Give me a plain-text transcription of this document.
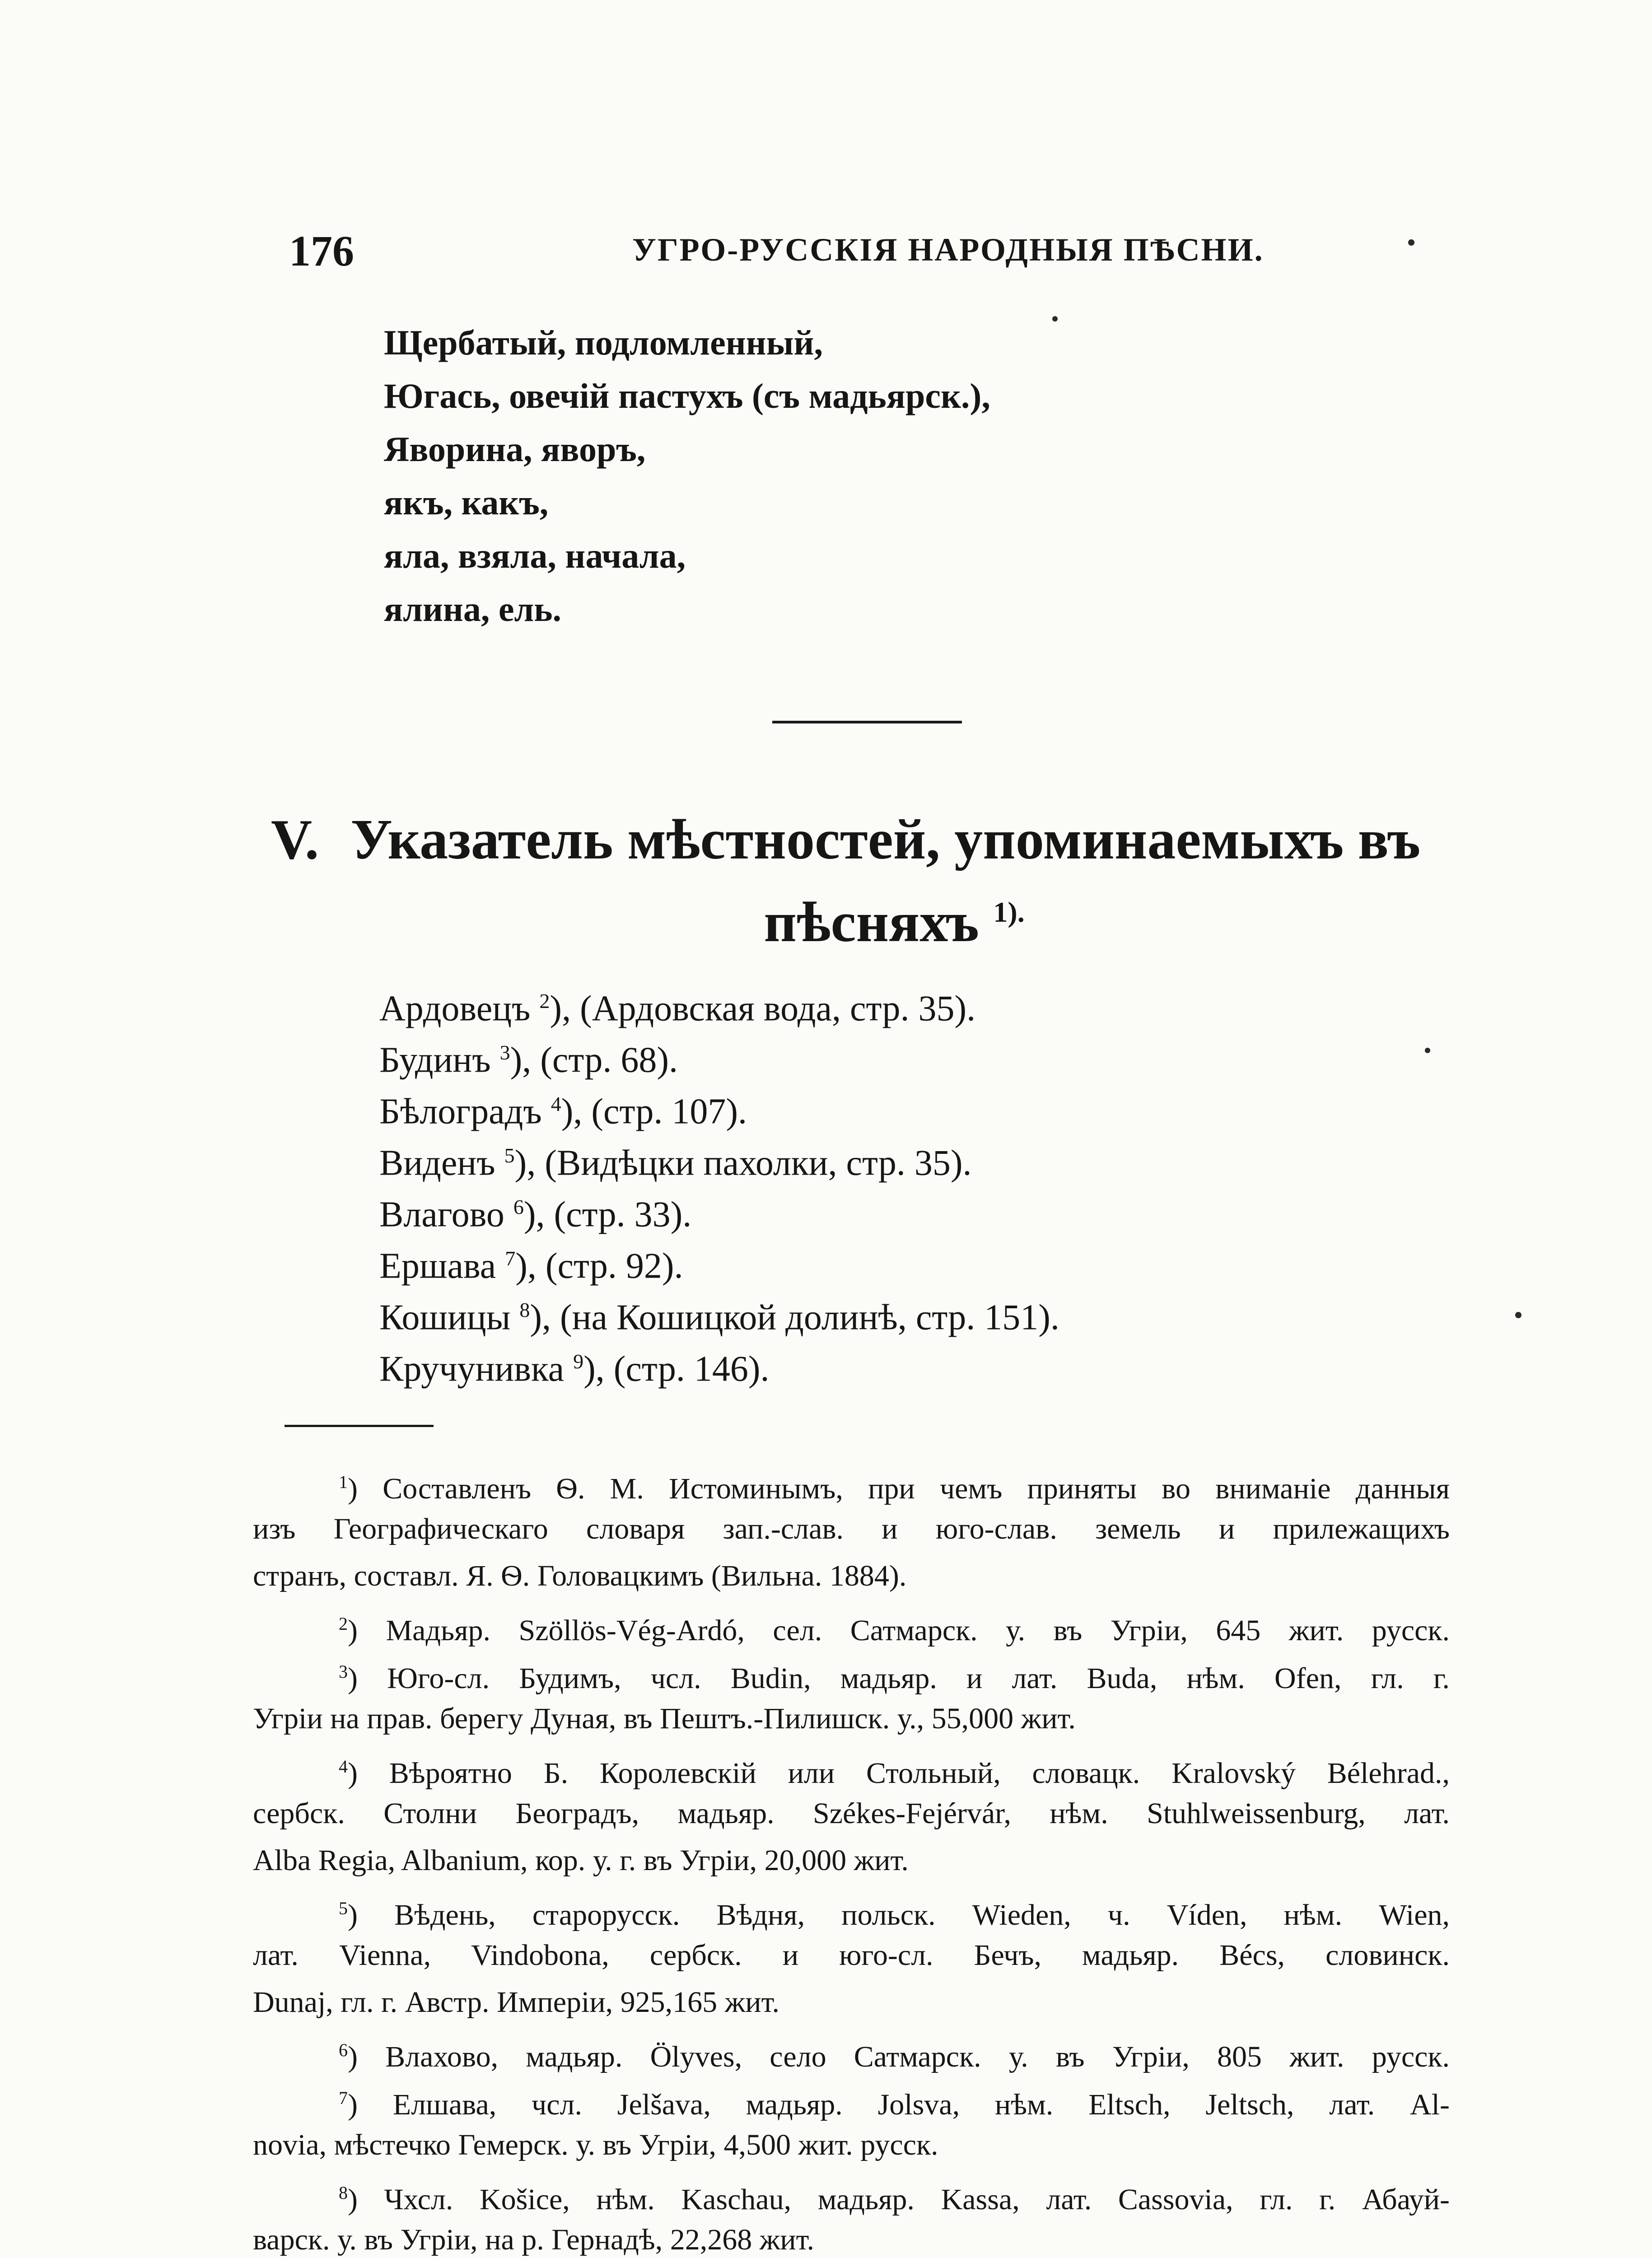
176	УГРО-РУССКІЯ НАРОДНЫЯ ПѢСНИ.
Щербатый, подломленный,
Югась, овечій пастухъ (съ мадьярск.),
Яворина, яворъ,
якъ, какъ,
яла, взяла, начала,
ялина, ель.
V. Указатель мѣстностей, упоминаемыхъ въ
пѣсняхъ $^{1).}$
Ардовецъ $^2$), (Ардовская вода, стр. 35).
Будинъ $^3$), (стр. 68).
Бѣлоградъ $^4$), (стр. 107).
Виденъ $^5$), (Видѣцки пахолки, стр. 35).
Влагово $^6$), (стр. 33).
Ершава $^7$), (стр. 92).
Кошицы $^8$), (на Кошицкой долинѣ, стр. 151).
Кручунивка $^9$), (стр. 146).
$^1$) Составленъ Ѳ. М. Истоминымъ, при чемъ приняты во вниманіе данныя
изъ Географическаго словаря зап.-слав. и юго-слав. земель и прилежащихъ
странъ, составл. Я. Ѳ. Головацкимъ (Вильна. 1884).
$^2$) Мадьяр. Szöllös-Vég-Ardó, сел. Сатмарск. у. въ Угріи, 645 жит. русск.
$^3$) Юго-сл. Будимъ, чсл. Budin, мадьяр. и лат. Buda, нѣм. Ofen, гл. г.
Угріи на прав. берегу Дуная, въ Пештъ.-Пилишск. у., 55,000 жит.
$^4$) Вѣроятно Б. Королевскій или Стольный, словацк. Kralovský Bélehrad.,
сербск. Столни Београдъ, мадьяр. Székes-Fejérvár, нѣм. Stuhlweissenburg, лат.
Alba Regia, Albanium, кор. у. г. въ Угріи, 20,000 жит.
$^5$) Вѣдень, старорусск. Вѣдня, польск. Wieden, ч. Víden, нѣм. Wien,
лат. Vienna, Vindobona, сербск. и юго-сл. Бечъ, мадьяр. Bécs, словинск.
Dunaj, гл. г. Австр. Имперіи, 925,165 жит.
$^6$) Влахово, мадьяр. Ölyves, село Сатмарск. у. въ Угріи, 805 жит. русск.
$^7$) Елшава, чсл. Jelšava, мадьяр. Jolsva, нѣм. Eltsch, Jeltsch, лат. Al-
novia, мѣстечко Гемерск. у. въ Угріи, 4,500 жит. русск.
$^8$) Чхсл. Košice, нѣм. Kaschau, мадьяр. Kassa, лат. Cassovia, гл. г. Абауй-
варск. у. въ Угріи, на р. Гернадѣ, 22,268 жит.
